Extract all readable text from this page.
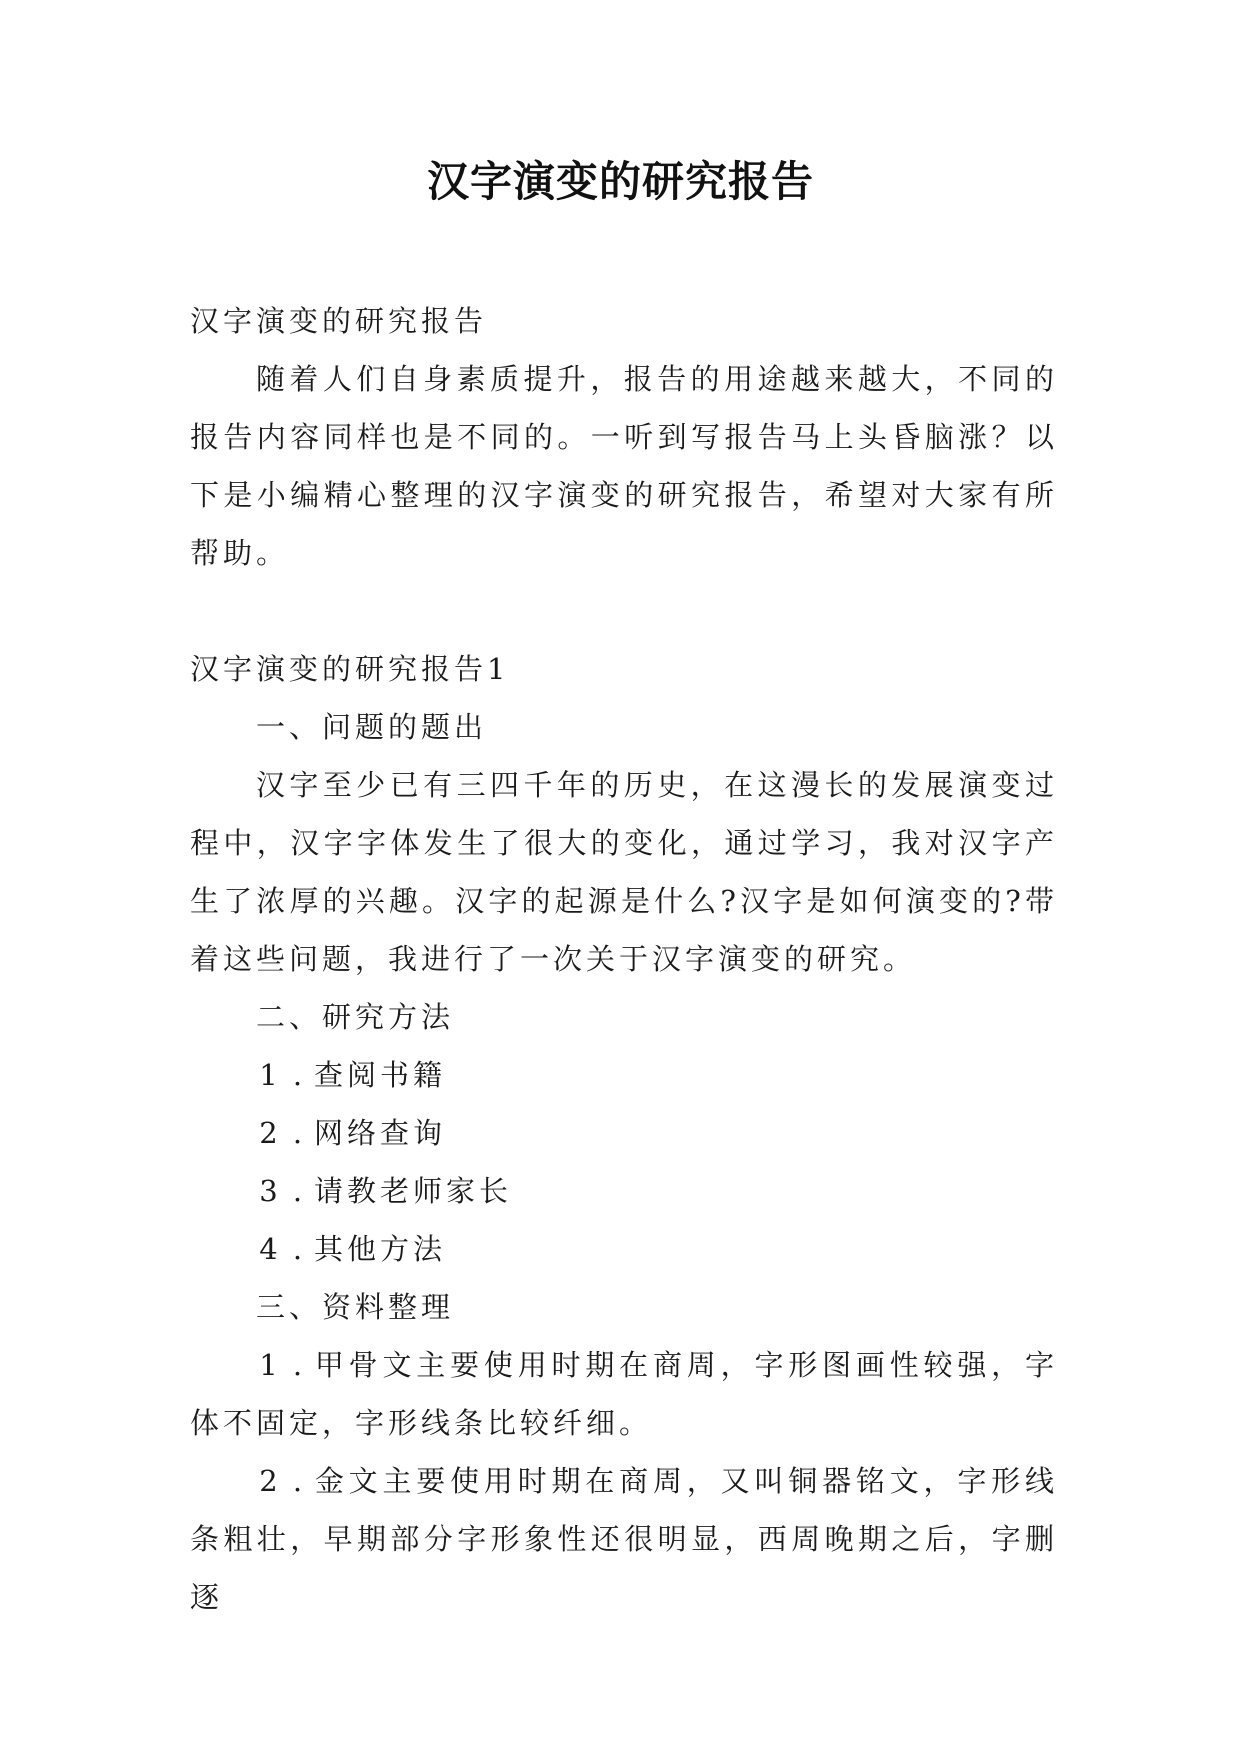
汉字演变的研究报告

汉字演变的研究报告

随着人们自身素质提升，报告的用途越来越大，不同的报告内容同样也是不同的。一听到写报告马上头昏脑涨？以下是小编精心整理的汉字演变的研究报告，希望对大家有所帮助。

汉字演变的研究报告1

一、问题的题出

汉字至少已有三四千年的历史，在这漫长的发展演变过程中，汉字字体发生了很大的变化，通过学习，我对汉字产生了浓厚的兴趣。汉字的起源是什么?汉字是如何演变的?带着这些问题，我进行了一次关于汉字演变的研究。

二、研究方法

1 . 查阅书籍

2 . 网络查询

3 . 请教老师家长

4 . 其他方法

三、资料整理

1 . 甲骨文主要使用时期在商周，字形图画性较强，字体不固定，字形线条比较纤细。

2 . 金文主要使用时期在商周，又叫铜器铭文，字形线条粗壮，早期部分字形象性还很明显，西周晚期之后，字删逐
